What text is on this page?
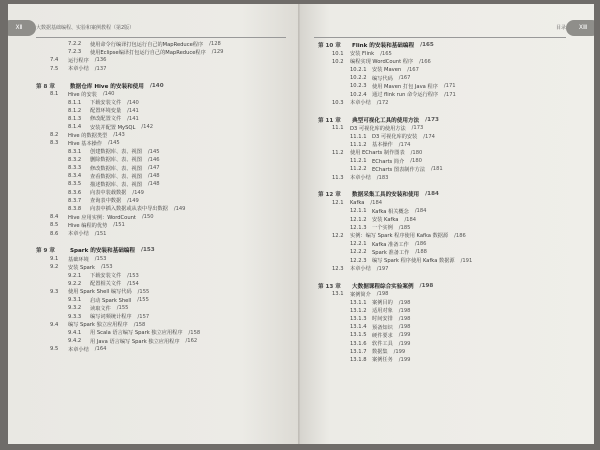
ⅩⅡ	大数据基础编程、实验和案例教程（第2版）
7.2.2	使用命令行编译打包运行自己的MapReduce程序 /128
7.2.3	使用Eclipse编译打包运行自己的MapReduce程序 /129
7.4	运行程序 /136
7.5	本章小结 /137
第 8 章	数据仓库 Hive 的安装和使用 /140
8.1	Hive 的安装 /140
8.1.1	下载安装文件 /140
8.1.2	配置环境变量 /141
8.1.3	修改配置文件 /141
8.1.4	安装并配置 MySQL /142
8.2	Hive 的数据类型 /143
8.3	Hive 基本操作 /145
8.3.1	创建数据库、表、视图 /145
8.3.2	删除数据库、表、视图 /146
8.3.3	修改数据库、表、视图 /147
8.3.4	查看数据库、表、视图 /148
8.3.5	描述数据库、表、视图 /148
8.3.6	向表中装载数据 /149
8.3.7	查询表中数据 /149
8.3.8	向表中插入数据或从表中导出数据 /149
8.4	Hive 应用实例：WordCount /150
8.5	Hive 编程的优势 /151
8.6	本章小结 /151
第 9 章	Spark 的安装和基础编程 /153
9.1	基础环境 /153
9.2	安装 Spark /153
9.2.1	下载安装文件 /153
9.2.2	配置相关文件 /154
9.3	使用 Spark Shell 编写代码 /155
9.3.1	启动 Spark Shell /155
9.3.2	读取文件 /155
9.3.3	编写词频统计程序 /157
9.4	编写 Spark 独立应用程序 /158
9.4.1	用 Scala 语言编写 Spark 独立应用程序 /158
9.4.2	用 Java 语言编写 Spark 独立应用程序 /162
9.5	本章小结 /164
ⅩⅢ
目录
第 10 章	Flink 的安装和基础编程 /165
10.1	安装 Flink /165
10.2	编程实现 WordCount 程序 /166
10.2.1 安装 Maven /167
10.2.2 编写代码 /167
10.2.3 使用 Maven 打包 Java 程序 /171
10.2.4 通过 flink run 命令运行程序 /171
10.3	本章小结 /172
第 11 章	典型可视化工具的使用方法 /173
11.1	D3 可视化库的使用方法 /173
11.1.1 D3 可视化库的安装 /174
11.1.2 基本操作 /174
11.2	使用 ECharts 制作图表 /180
11.2.1 ECharts 简介 /180
11.2.2 ECharts 图表制作方法 /181
11.3	本章小结 /183
第 12 章	数据采集工具的安装和使用 /184
12.1	Kafka /184
12.1.1 Kafka 相关概念 /184
12.1.2 安装 Kafka /184
12.1.3 一个实例 /185
12.2	实例：编写 Spark 程序使用 Kafka 数据源 /186
12.2.1 Kafka 准备工作 /186
12.2.2 Spark 准备工作 /188
12.2.3 编写 Spark 程序使用 Kafka 数据源 /191
12.3	本章小结 /197
第 13 章	大数据课程综合实验案例 /198
13.1	案例简介 /198
13.1.1 案例目的 /198
13.1.2 适用对象 /198
13.1.3 时间安排 /198
13.1.4 预备知识 /198
13.1.5 硬件要求 /199
13.1.6 软件工具 /199
13.1.7 数据集 /199
13.1.8 案例任务 /199
